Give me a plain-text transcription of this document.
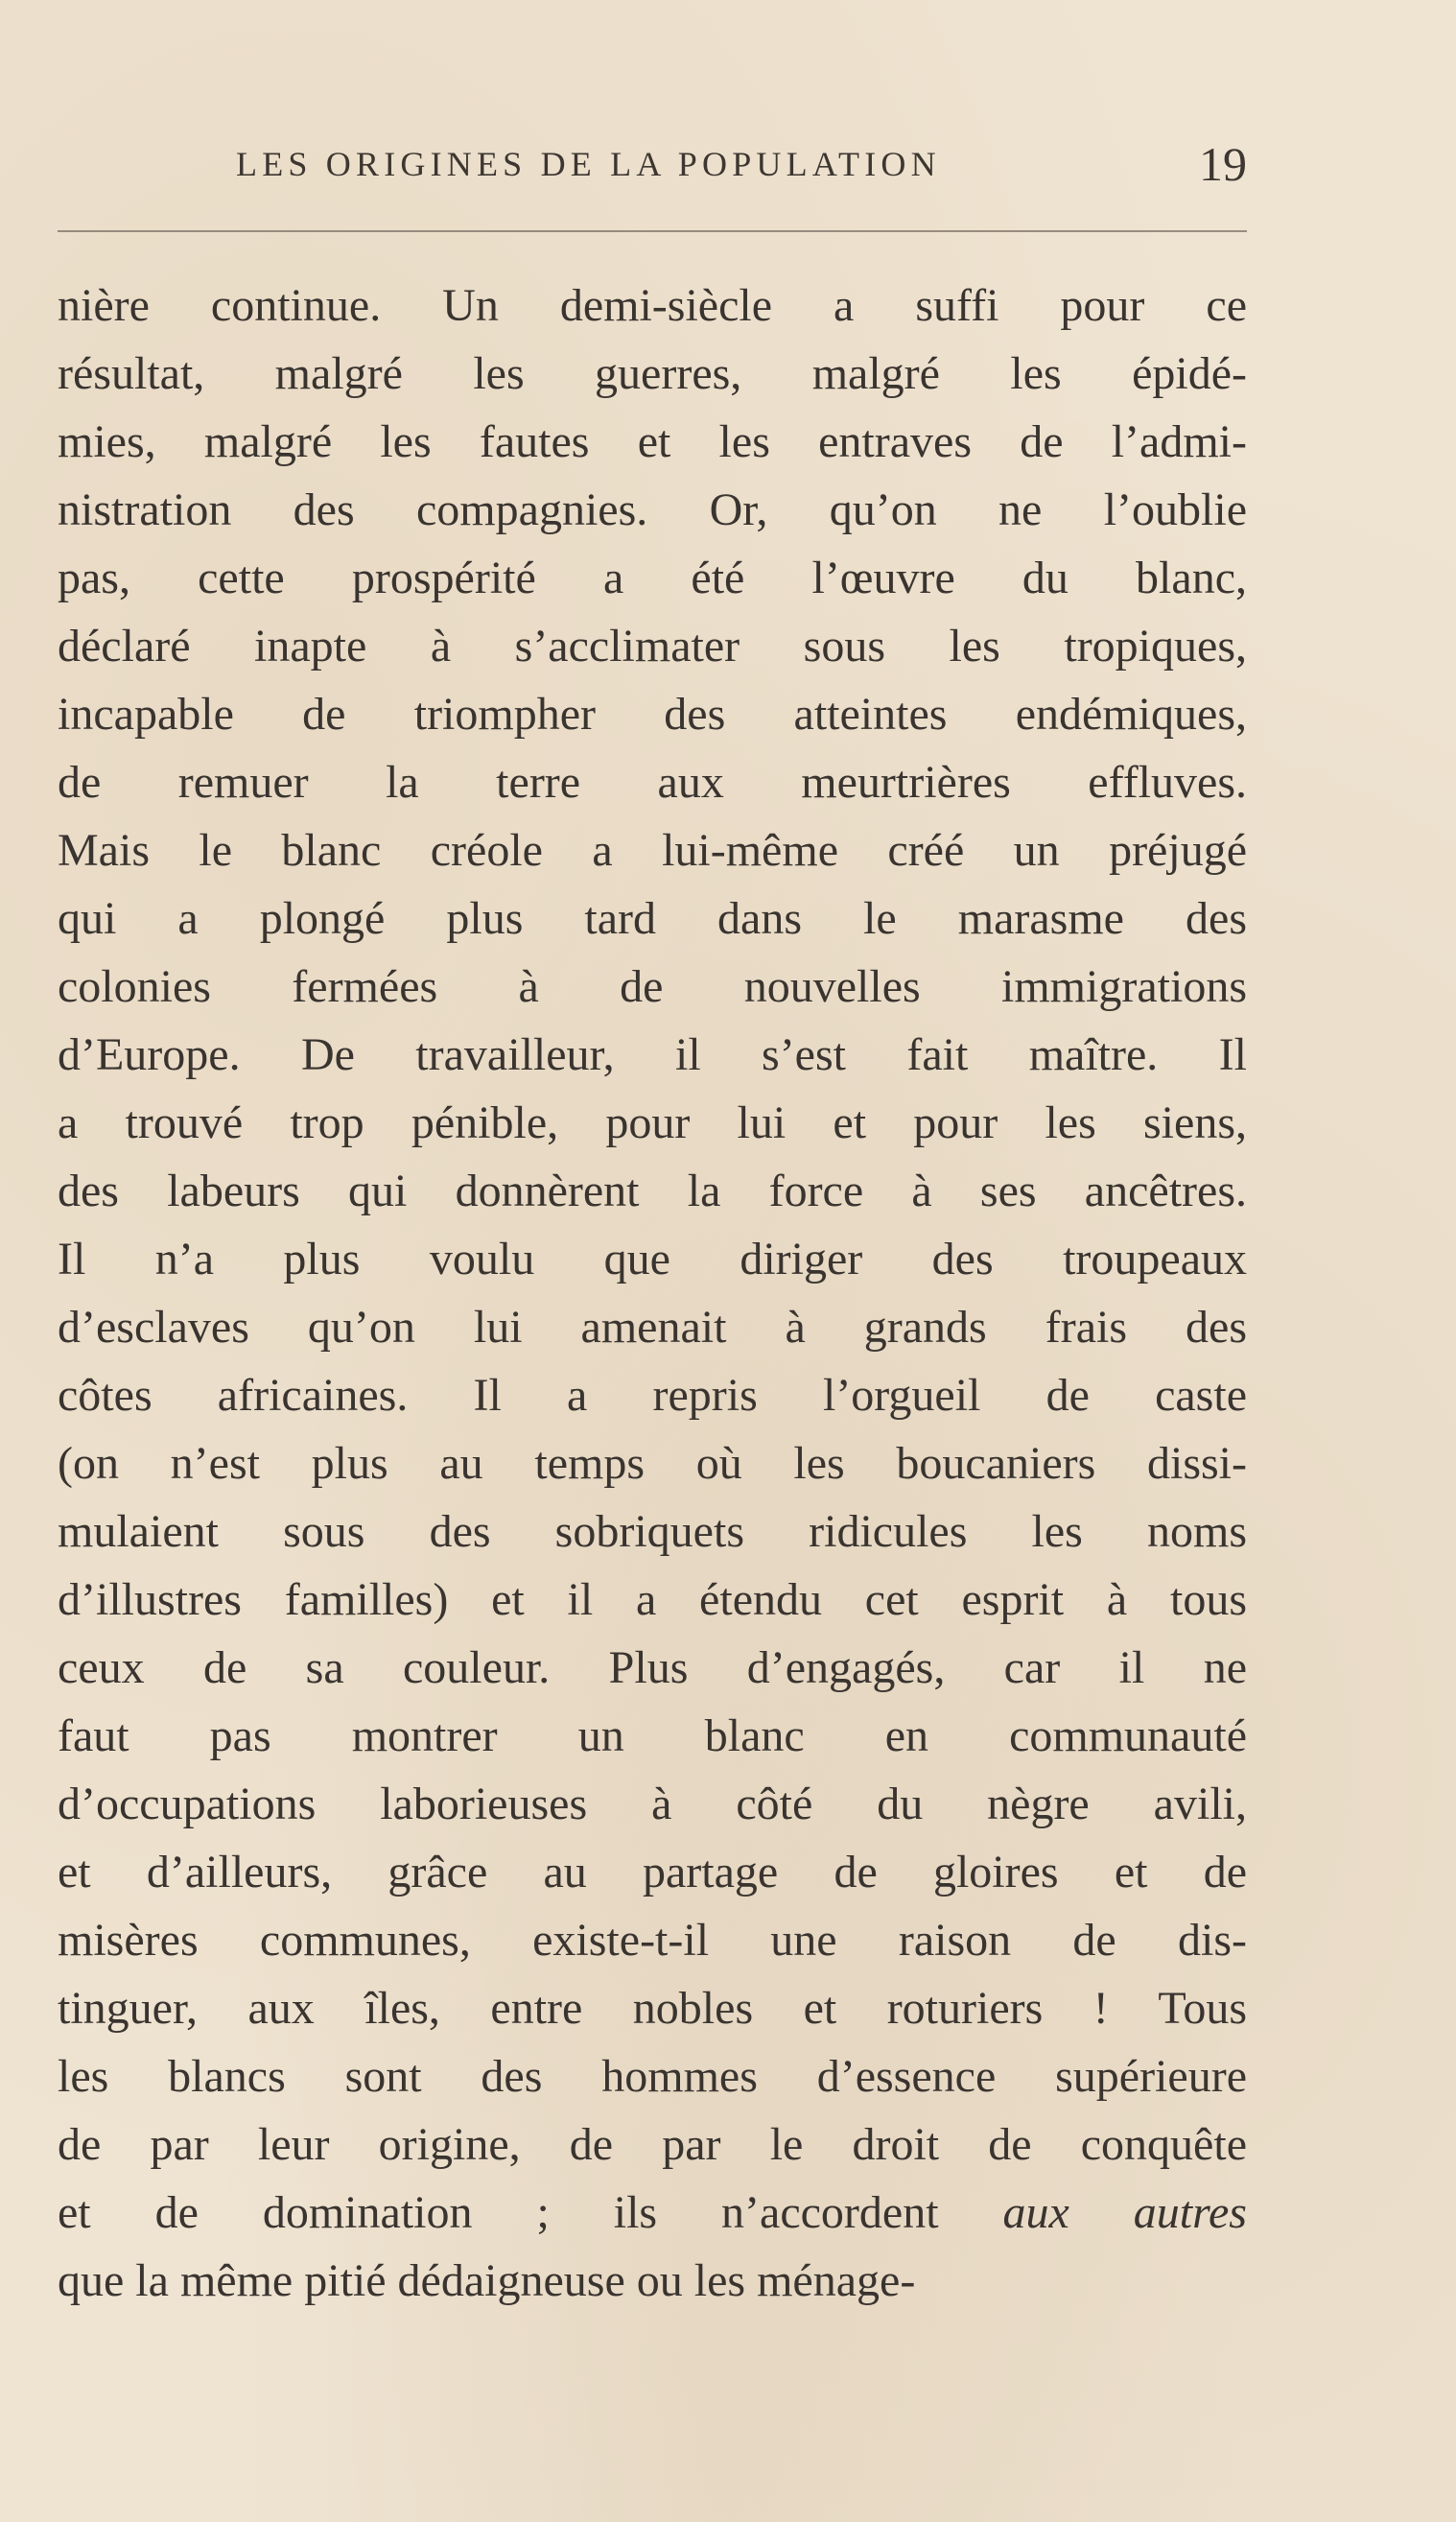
LES ORIGINES DE LA POPULATION	19
nière continue. Un demi-siècle a suffi pour ce
résultat, malgré les guerres, malgré les épidé-
mies, malgré les fautes et les entraves de l’admi-
nistration des compagnies. Or, qu’on ne l’oublie
pas, cette prospérité a été l’œuvre du blanc,
déclaré inapte à s’acclimater sous les tropiques,
incapable de triompher des atteintes endémiques,
de remuer la terre aux meurtrières effluves.
Mais le blanc créole a lui-même créé un préjugé
qui a plongé plus tard dans le marasme des
colonies fermées à de nouvelles immigrations
d’Europe. De travailleur, il s’est fait maître. Il
a trouvé trop pénible, pour lui et pour les siens,
des labeurs qui donnèrent la force à ses ancêtres.
Il n’a plus voulu que diriger des troupeaux
d’esclaves qu’on lui amenait à grands frais des
côtes africaines. Il a repris l’orgueil de caste
(on n’est plus au temps où les boucaniers dissi-
mulaient sous des sobriquets ridicules les noms
d’illustres familles) et il a étendu cet esprit à tous
ceux de sa couleur. Plus d’engagés, car il ne
faut pas montrer un blanc en communauté
d’occupations laborieuses à côté du nègre avili,
et d’ailleurs, grâce au partage de gloires et de
misères communes, existe-t-il une raison de dis-
tinguer, aux îles, entre nobles et roturiers ! Tous
les blancs sont des hommes d’essence supérieure
de par leur origine, de par le droit de conquête
et de domination ; ils n’accordent aux autres
que la même pitié dédaigneuse ou les ménage-
